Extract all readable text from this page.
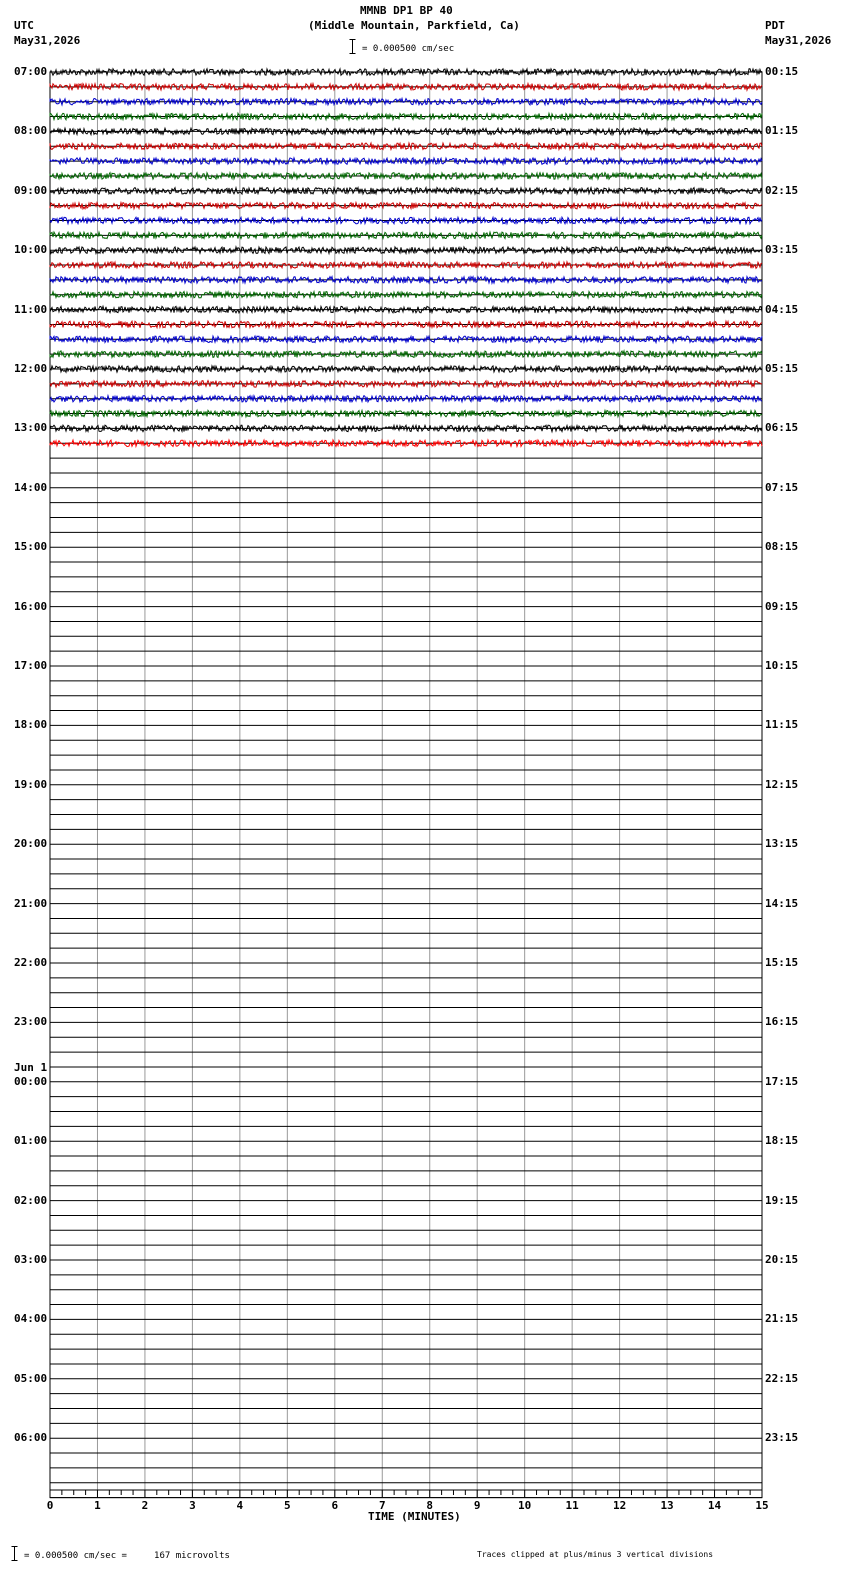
MMNB DP1 BP 40
(Middle Mountain, Parkfield, Ca)
UTC
May31,2026
PDT
May31,2026
= 0.000500 cm/sec
0	1	2	3	4	5	6	7	8	9	10	11	12	13	14	15
07:00
08:00
09:00
10:00
11:00
12:00
13:00
14:00
15:00
16:00
17:00
18:00
19:00
20:00
21:00
22:00
23:00
00:00
01:00
02:00
03:00
04:00
05:00
06:00
00:15
01:15
02:15
03:15
04:15
05:15
06:15
07:15
08:15
09:15
10:15
11:15
12:15
13:15
14:15
15:15
16:15
17:15
18:15
19:15
20:15
21:15
22:15
23:15
Jun 1
TIME (MINUTES)
= 0.000500 cm/sec =     167 microvolts	Traces clipped at plus/minus 3 vertical divisions
